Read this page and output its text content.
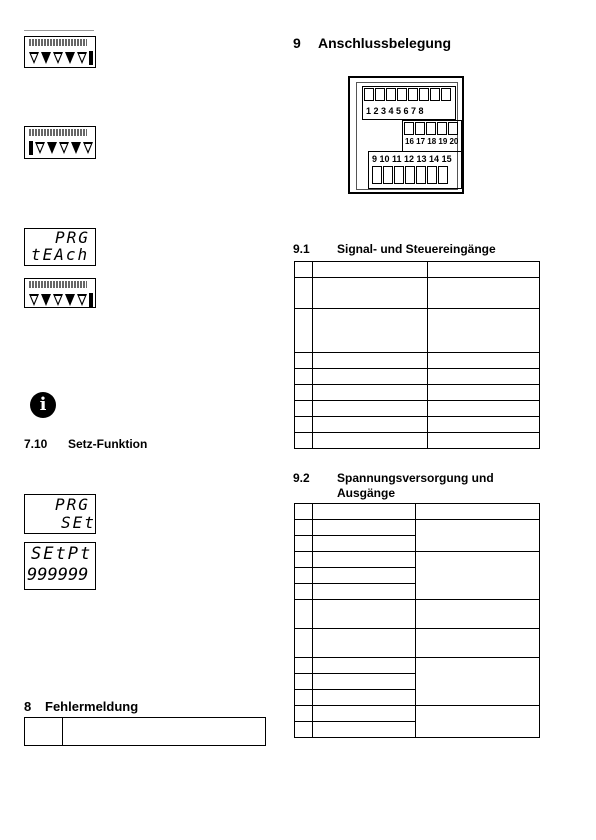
PRG
tEAch
i
7.10 Setz-Funktion
PRG
SEt
SEtPt
999999
8 Fehlermeldung
9 Anschlussbelegung
1 2 3 4 5 6 7 8
16 17 18 19 20
9 10 11 12 13 14 15
9.1 Signal- und Steuereingänge

9.2 Spannungsversorgung und Ausgänge
